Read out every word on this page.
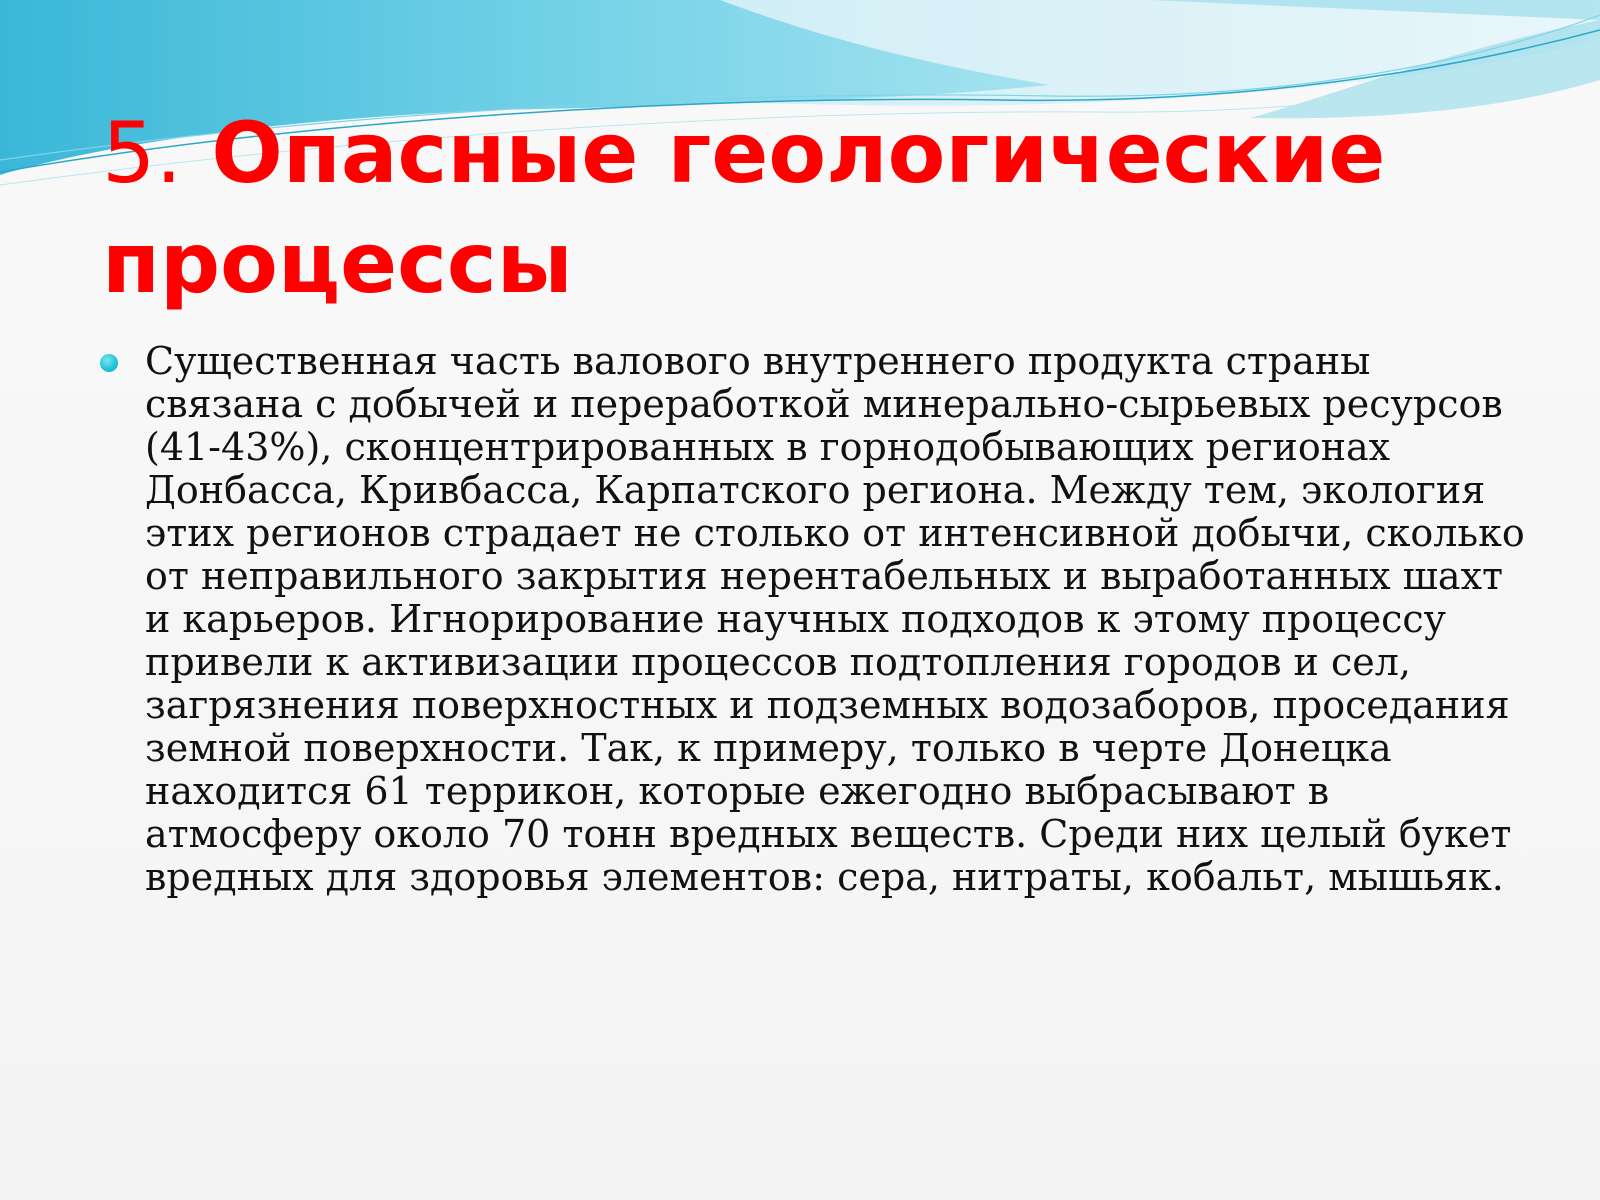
5. Опасные геологические процессы

Существенная часть валового внутреннего продукта страны связана с добычей и переработкой минерально-сырьевых ресурсов (41-43%), сконцентрированных в горнодобывающих регионах Донбасса, Кривбасса, Карпатского региона. Между тем, экология этих регионов страдает не столько от интенсивной добычи, сколько от неправильного закрытия нерентабельных и выработанных шахт и карьеров. Игнорирование научных подходов к этому процессу привели к активизации процессов подтопления городов и сел, загрязнения поверхностных и подземных водозаборов, проседания земной поверхности. Так, к примеру, только в черте Донецка находится 61 террикон, которые ежегодно выбрасывают в атмосферу около 70 тонн вредных веществ. Среди них целый букет вредных для здоровья элементов: сера, нитраты, кобальт, мышьяк.
